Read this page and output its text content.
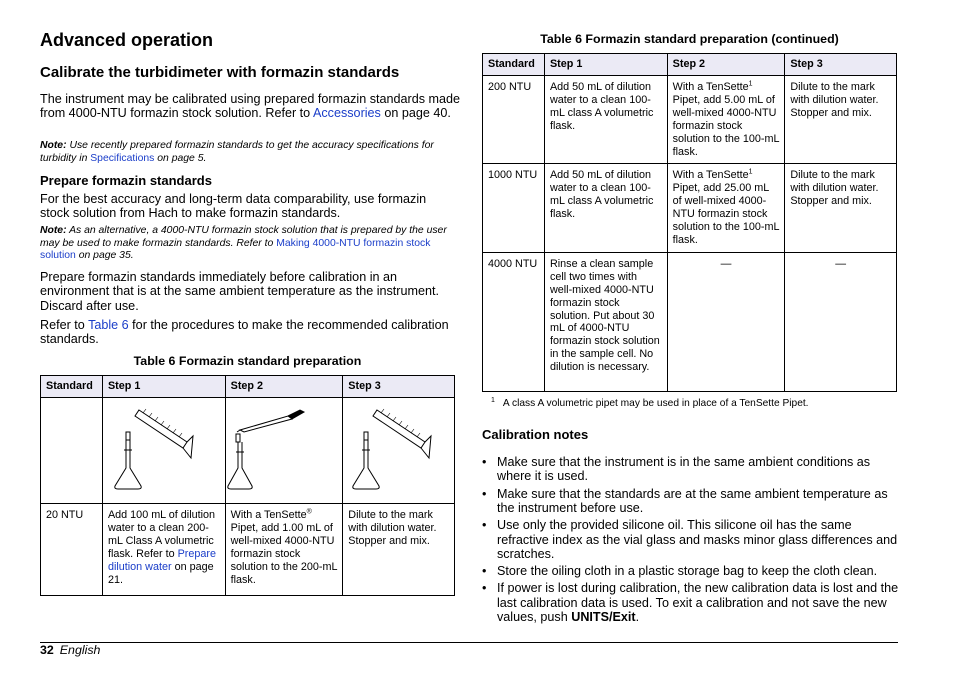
Advanced operation
Calibrate the turbidimeter with formazin standards
The instrument may be calibrated using prepared formazin standards made from 4000-NTU formazin stock solution. Refer to Accessories on page 40.
Note: Use recently prepared formazin standards to get the accuracy specifications for turbidity in Specifications on page 5.
Prepare formazin standards
For the best accuracy and long-term data comparability, use formazin stock solution from Hach to make formazin standards.
Note: As an alternative, a 4000-NTU formazin stock solution that is prepared by the user may be used to make formazin standards. Refer to Making 4000-NTU formazin stock solution on page 35.
Prepare formazin standards immediately before calibration in an environment that is at the same ambient temperature as the instrument. Discard after use.
Refer to Table 6 for the procedures to make the recommended calibration standards.
Table 6 Formazin standard preparation
Standard	Step 1	Step 2	Step 3

20 NTU	Add 100 mL of dilution water to a clean 200-mL Class A volumetric flask. Refer to Prepare dilution water on page 21.	With a TenSette® Pipet, add 1.00 mL of well-mixed 4000-NTU formazin stock solution to the 200-mL flask.	Dilute to the mark with dilution water. Stopper and mix.
Table 6 Formazin standard preparation (continued)
Standard	Step 1	Step 2	Step 3
200 NTU	Add 50 mL of dilution water to a clean 100-mL class A volumetric flask.	With a TenSette$^1$ Pipet, add 5.00 mL of well-mixed 4000-NTU formazin stock solution to the 100-mL flask.	Dilute to the mark with dilution water. Stopper and mix.
1000 NTU	Add 50 mL of dilution water to a clean 100-mL class A volumetric flask.	With a TenSette$^1$ Pipet, add 25.00 mL of well-mixed 4000-NTU formazin stock solution to the 100-mL flask.	Dilute to the mark with dilution water. Stopper and mix.
4000 NTU	Rinse a clean sample cell two times with well-mixed 4000-NTU formazin stock solution. Put about 30 mL of 4000-NTU formazin stock solution in the sample cell. No dilution is necessary.	—	—
$^1$ A class A volumetric pipet may be used in place of a TenSette Pipet.
Calibration notes
• Make sure that the instrument is in the same ambient conditions as where it is used.
• Make sure that the standards are at the same ambient temperature as the instrument before use.
• Use only the provided silicone oil. This silicone oil has the same refractive index as the vial glass and masks minor glass differences and scratches.
• Store the oiling cloth in a plastic storage bag to keep the cloth clean.
• If power is lost during calibration, the new calibration data is lost and the last calibration data is used. To exit a calibration and not save the new values, push UNITS/Exit.
32 English
